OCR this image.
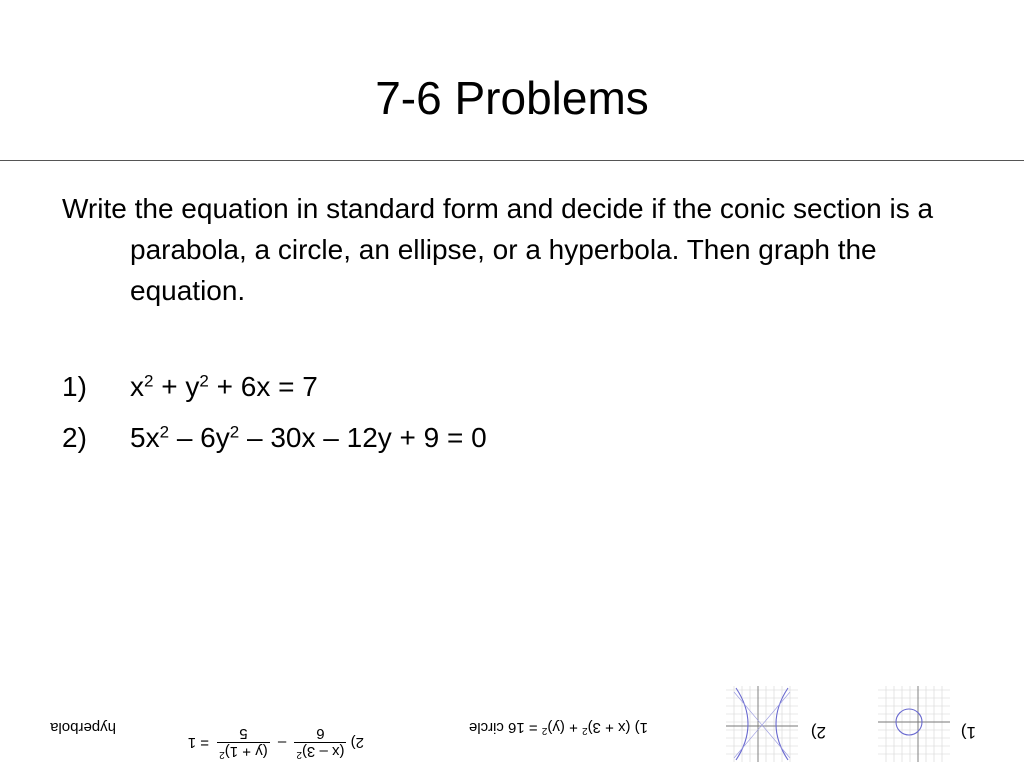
7-6 Problems
Write the equation in standard form and decide if the conic section is a parabola, a circle, an ellipse, or a hyperbola. Then graph the equation.
1) $x^2 + y^2 + 6x = 7$
2) $5x^2 - 6y^2 - 30x - 12y + 9 = 0$
1)
2)
1) $(x + 3)^2 + (y)^2 = 16$ circle
2)
(x – 3)$^2$
6
–
$(y + 1)^2$
5
= 1
hyperbola
